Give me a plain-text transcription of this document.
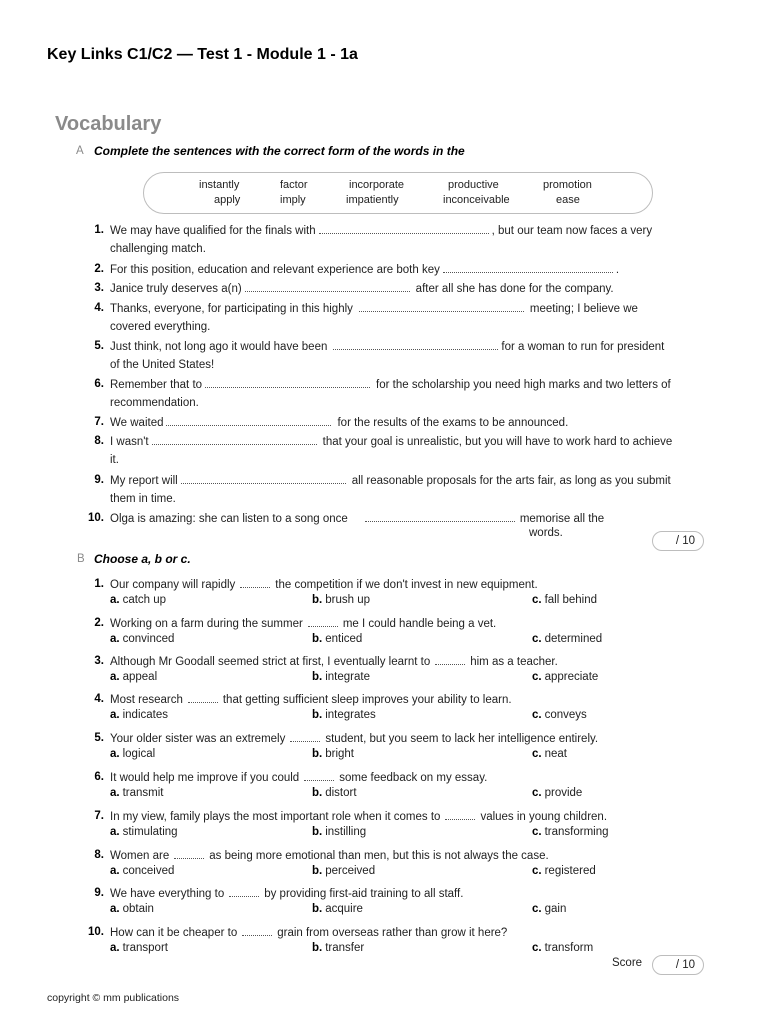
Key Links C1/C2 — Test 1 - Module 1 - 1a
Vocabulary
A Complete the sentences with the correct form of the words in the
instantly	factor	incorporate	productive	promotion
apply	imply	impatiently	inconceivable	ease
1. We may have qualified for the finals with	, but our team now faces a very
challenging match.
2. For this position, education and relevant experience are both key	.
3. Janice truly deserves a(n)	after all she has done for the company.
4. Thanks, everyone, for participating in this highly	meeting; I believe we
covered everything.
5. Just think, not long ago it would have been	for a woman to run for president
of the United States!
6. Remember that to	for the scholarship you need high marks and two letters of
recommendation.
7. We waited	for the results of the exams to be announced.
8. I wasn't	that your goal is unrealistic, but you will have to work hard to achieve
it.
9. My report will	all reasonable proposals for the arts fair, as long as you submit
them in time.
10. Olga is amazing: she can listen to a song once	memorise all the
words.
/ 10
B Choose a, b or c.
1. Our company will rapidly	the competition if we don't invest in new equipment.
a. catch up	b. brush up	c. fall behind
2. Working on a farm during the summer	me I could handle being a vet.
a. convinced	b. enticed	c. determined
3. Although Mr Goodall seemed strict at first, I eventually learnt to	him as a teacher.
a. appeal	b. integrate	c. appreciate
4. Most research	that getting sufficient sleep improves your ability to learn.
a. indicates	b. integrates	c. conveys
5. Your older sister was an extremely	student, but you seem to lack her intelligence entirely.
a. logical	b. bright	c. neat
6. It would help me improve if you could	some feedback on my essay.
a. transmit	b. distort	c. provide
7. In my view, family plays the most important role when it comes to	values in young children.
a. stimulating	b. instilling	c. transforming
8. Women are	as being more emotional than men, but this is not always the case.
a. conceived	b. perceived	c. registered
9. We have everything to	by providing first-aid training to all staff.
a. obtain	b. acquire	c. gain
10. How can it be cheaper to	grain from overseas rather than grow it here?
a. transport	b. transfer	c. transform
Score	/ 10
copyright © mm publications
